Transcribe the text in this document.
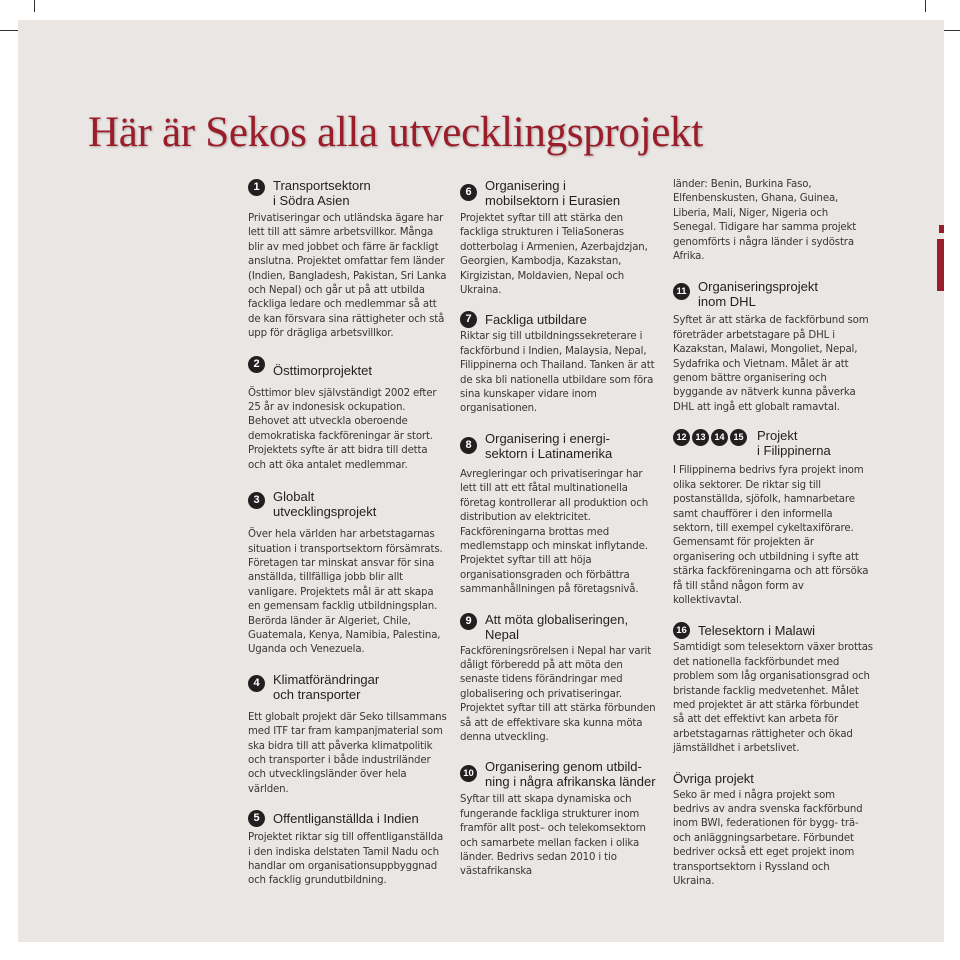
Här är Sekos alla utvecklingsprojekt
1	Transportsektorn
i Södra Asien
Privatiseringar och utländska ägare har lett till att sämre arbetsvillkor. Många blir av med jobbet och färre är fackligt anslutna. Projektet omfattar fem länder (Indien, Bangladesh, Pakistan, Sri Lanka och Nepal) och går ut på att utbilda fackliga ledare och medlemmar så att de kan försvara sina rättigheter och stå upp för drägliga arbetsvillkor.
2	Östtimorprojektet
Östtimor blev självständigt 2002 efter 25 år av indonesisk ockupation. Behovet att utveckla oberoende demokratiska fackföreningar är stort. Projektets syfte är att bidra till detta och att öka antalet medlemmar.
3	Globalt
utvecklingsprojekt
Över hela världen har arbetstagarnas situation i transportsektorn försämrats. Företagen tar minskat ansvar för sina anställda, tillfälliga jobb blir allt vanligare. Projektets mål är att skapa en gemensam facklig utbildningsplan. Berörda länder är Algeriet, Chile, Guatemala, Kenya, Namibia, Palestina, Uganda och Venezuela.
4	Klimatförändringar
och transporter
Ett globalt projekt där Seko tillsammans med ITF tar fram kampanjmaterial som ska bidra till att påverka klimatpolitik och transporter i både industriländer och utvecklingsländer över hela världen.
5	Offentliganställda i Indien
Projektet riktar sig till offentliganställda i den indiska delstaten Tamil Nadu och handlar om organisationsuppbyggnad och facklig grundutbildning.
6	Organisering i
mobilsektorn i Eurasien
Projektet syftar till att stärka den fackliga strukturen i TeliaSoneras dotterbolag i Armenien, Azerbajdzjan, Georgien, Kambodja, Kazakstan, Kirgizistan, Moldavien, Nepal och Ukraina.
7	Fackliga utbildare
Riktar sig till utbildningssekreterare i fackförbund i Indien, Malaysia, Nepal, Filippinerna och Thailand. Tanken är att de ska bli nationella utbildare som föra sina kunskaper vidare inom organisationen.
8	Organisering i energi-
sektorn i Latinamerika
Avregleringar och privatiseringar har lett till att ett fåtal multinationella företag kontrollerar all produktion och distribution av elektricitet. Fackföreningarna brottas med medlemstapp och minskat inflytande. Projektet syftar till att höja organisationsgraden och förbättra sammanhållningen på företagsnivå.
9	Att möta globaliseringen,
Nepal
Fackföreningsrörelsen i Nepal har varit dåligt förberedd på att möta den senaste tidens förändringar med globalisering och privatiseringar. Projektet syftar till att stärka förbunden så att de effektivare ska kunna möta denna utveckling.
10 Organisering genom utbild-
ning i några afrikanska länder
Syftar till att skapa dynamiska och fungerande fackliga strukturer inom framför allt post– och telekomsektorn och samarbete mellan facken i olika länder. Bedrivs sedan 2010 i tio västafrikanska
länder: Benin, Burkina Faso, Elfenbenskusten, Ghana, Guinea, Liberia, Mali, Niger, Nigeria och Senegal. Tidigare har samma projekt genomförts i några länder i sydöstra Afrika.
11 Organiseringsprojekt
inom DHL
Syftet är att stärka de fackförbund som företräder arbetstagare på DHL i Kazakstan, Malawi, Mongoliet, Nepal, Sydafrika och Vietnam. Målet är att genom bättre organisering och byggande av nätverk kunna påverka DHL att ingå ett globalt ramavtal.
12 13 14 15 Projekt
i Filippinerna
I Filippinerna bedrivs fyra projekt inom olika sektorer. De riktar sig till postanställda, sjöfolk, hamnarbetare samt chaufförer i den informella sektorn, till exempel cykeltaxiförare. Gemensamt för projekten är organisering och utbildning i syfte att stärka fackföreningarna och att försöka få till stånd någon form av kollektivavtal.
16 Telesektorn i Malawi
Samtidigt som telesektorn växer brottas det nationella fackförbundet med problem som låg organisationsgrad och bristande facklig medvetenhet. Målet med projektet är att stärka förbundet så att det effektivt kan arbeta för arbetstagarnas rättigheter och ökad jämställdhet i arbetslivet.
Övriga projekt
Seko är med i några projekt som bedrivs av andra svenska fackförbund inom BWI, federationen för bygg- trä- och anläggningsarbetare. Förbundet bedriver också ett eget projekt inom transportsektorn i Ryssland och Ukraina.
